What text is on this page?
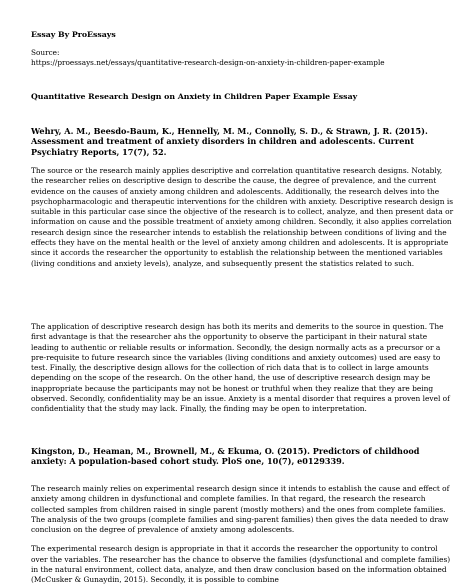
Essay By ProEssays
Source:
https://proessays.net/essays/quantitative-research-design-on-anxiety-in-children-paper-example
Quantitative Research Design on Anxiety in Children Paper Example Essay

Wehry, A. M., Beesdo-Baum, K., Hennelly, M. M., Connolly, S. D., & Strawn, J. R. (2015). Assessment and treatment of anxiety disorders in children and adolescents. Current Psychiatry Reports, 17(7), 52.

The source or the research mainly applies descriptive and correlation quantitative research designs. Notably, the researcher relies on descriptive design to describe the cause, the degree of prevalence, and the current evidence on the causes of anxiety among children and adolescents. Additionally, the research delves into the psychopharmacologic and therapeutic interventions for the children with anxiety. Descriptive research design is suitable in this particular case since the objective of the research is to collect, analyze, and then present data or information on cause and the possible treatment of anxiety among children. Secondly, it also applies correlation research design since the researcher intends to establish the relationship between conditions of living and the effects they have on the mental health or the level of anxiety among children and adolescents. It is appropriate since it accords the researcher the opportunity to establish the relationship between the mentioned variables (living conditions and anxiety levels), analyze, and subsequently present the statistics related to such.

The application of descriptive research design has both its merits and demerits to the source in question. The first advantage is that the researcher ahs the opportunity to observe the participant in their natural state leading to authentic or reliable results or information. Secondly, the design normally acts as a precursor or a pre-requisite to future research since the variables (living conditions and anxiety outcomes) used are easy to test. Finally, the descriptive design allows for the collection of rich data that is to collect in large amounts depending on the scope of the research. On the other hand, the use of descriptive research design may be inappropriate because the participants may not be honest or truthful when they realize that they are being observed. Secondly, confidentiality may be an issue. Anxiety is a mental disorder that requires a proven level of confidentiality that the study may lack. Finally, the finding may be open to interpretation.

Kingston, D., Heaman, M., Brownell, M., & Ekuma, O. (2015). Predictors of childhood anxiety: A population-based cohort study. PloS one, 10(7), e0129339.

The research mainly relies on experimental research design since it intends to establish the cause and effect of anxiety among children in dysfunctional and complete families. In that regard, the research the research collected samples from children raised in single parent (mostly mothers) and the ones from complete families. The analysis of the two groups (complete families and sing-parent families) then gives the data needed to draw conclusion on the degree of prevalence of anxiety among adolescents.

The experimental research design is appropriate in that it accords the researcher the opportunity to control over the variables. The researcher has the chance to observe the families (dysfunctional and complete families) in the natural environment, collect data, analyze, and then draw conclusion based on the information obtained (McCusker & Gunaydin, 2015). Secondly, it is possible to combine
